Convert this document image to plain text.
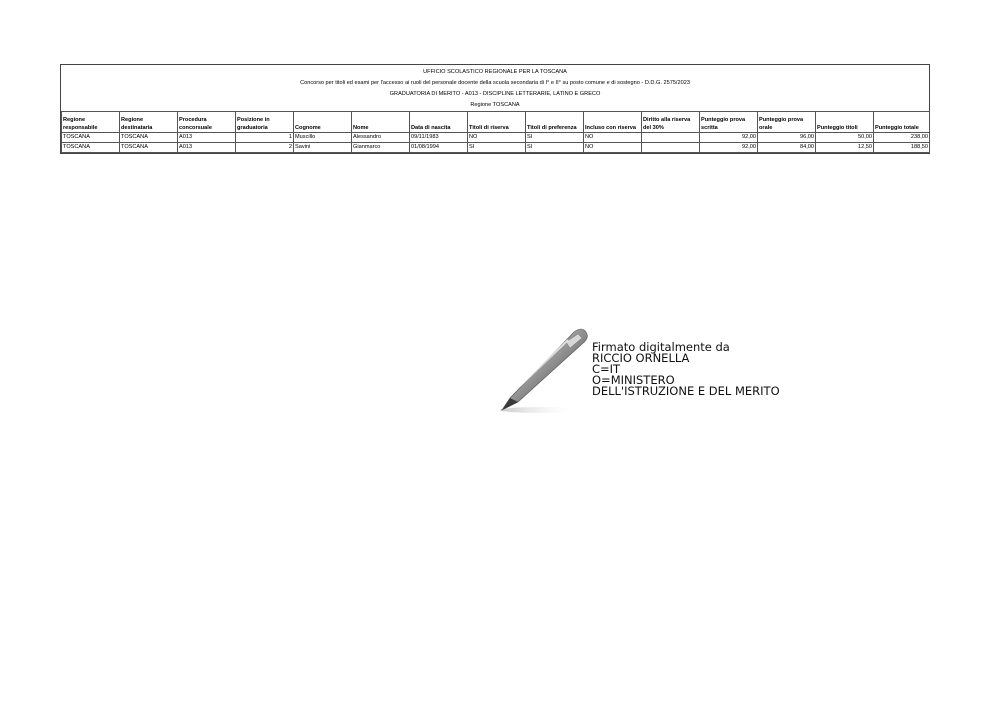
UFFICIO SCOLASTICO REGIONALE PER LA TOSCANA
Concorso per titoli ed esami per l'accesso ai ruoli del personale docente della scuola secondaria di I° e II° su posto comune e di sostegno - D.D.G. 2575/2023
GRADUATORIA DI MERITO - A013 - DISCIPLINE LETTERARIE, LATINO E GRECO
Regione TOSCANA
Regione responsabile	Regione destinataria	Procedura concorsuale	Posizione in graduatoria	Cognome	Nome	Data di nascita	Titoli di riserva	Titoli di preferenza	Incluso con riserva	Diritto alla riserva del 30%	Punteggio prova scritta	Punteggio prova orale	Punteggio titoli	Punteggio totale
TOSCANA	TOSCANA	A013	1	Muscillo	Alessandro	09/11/1983	NO	SI	NO		92,00	96,00	50,00	238,00
TOSCANA	TOSCANA	A013	2	Savini	Gianmarco	01/08/1994	SI	SI	NO		92,00	84,00	12,50	188,50
Firmato digitalmente da
RICCIO ORNELLA
C=IT
O=MINISTERO
DELL'ISTRUZIONE E DEL MERITO
